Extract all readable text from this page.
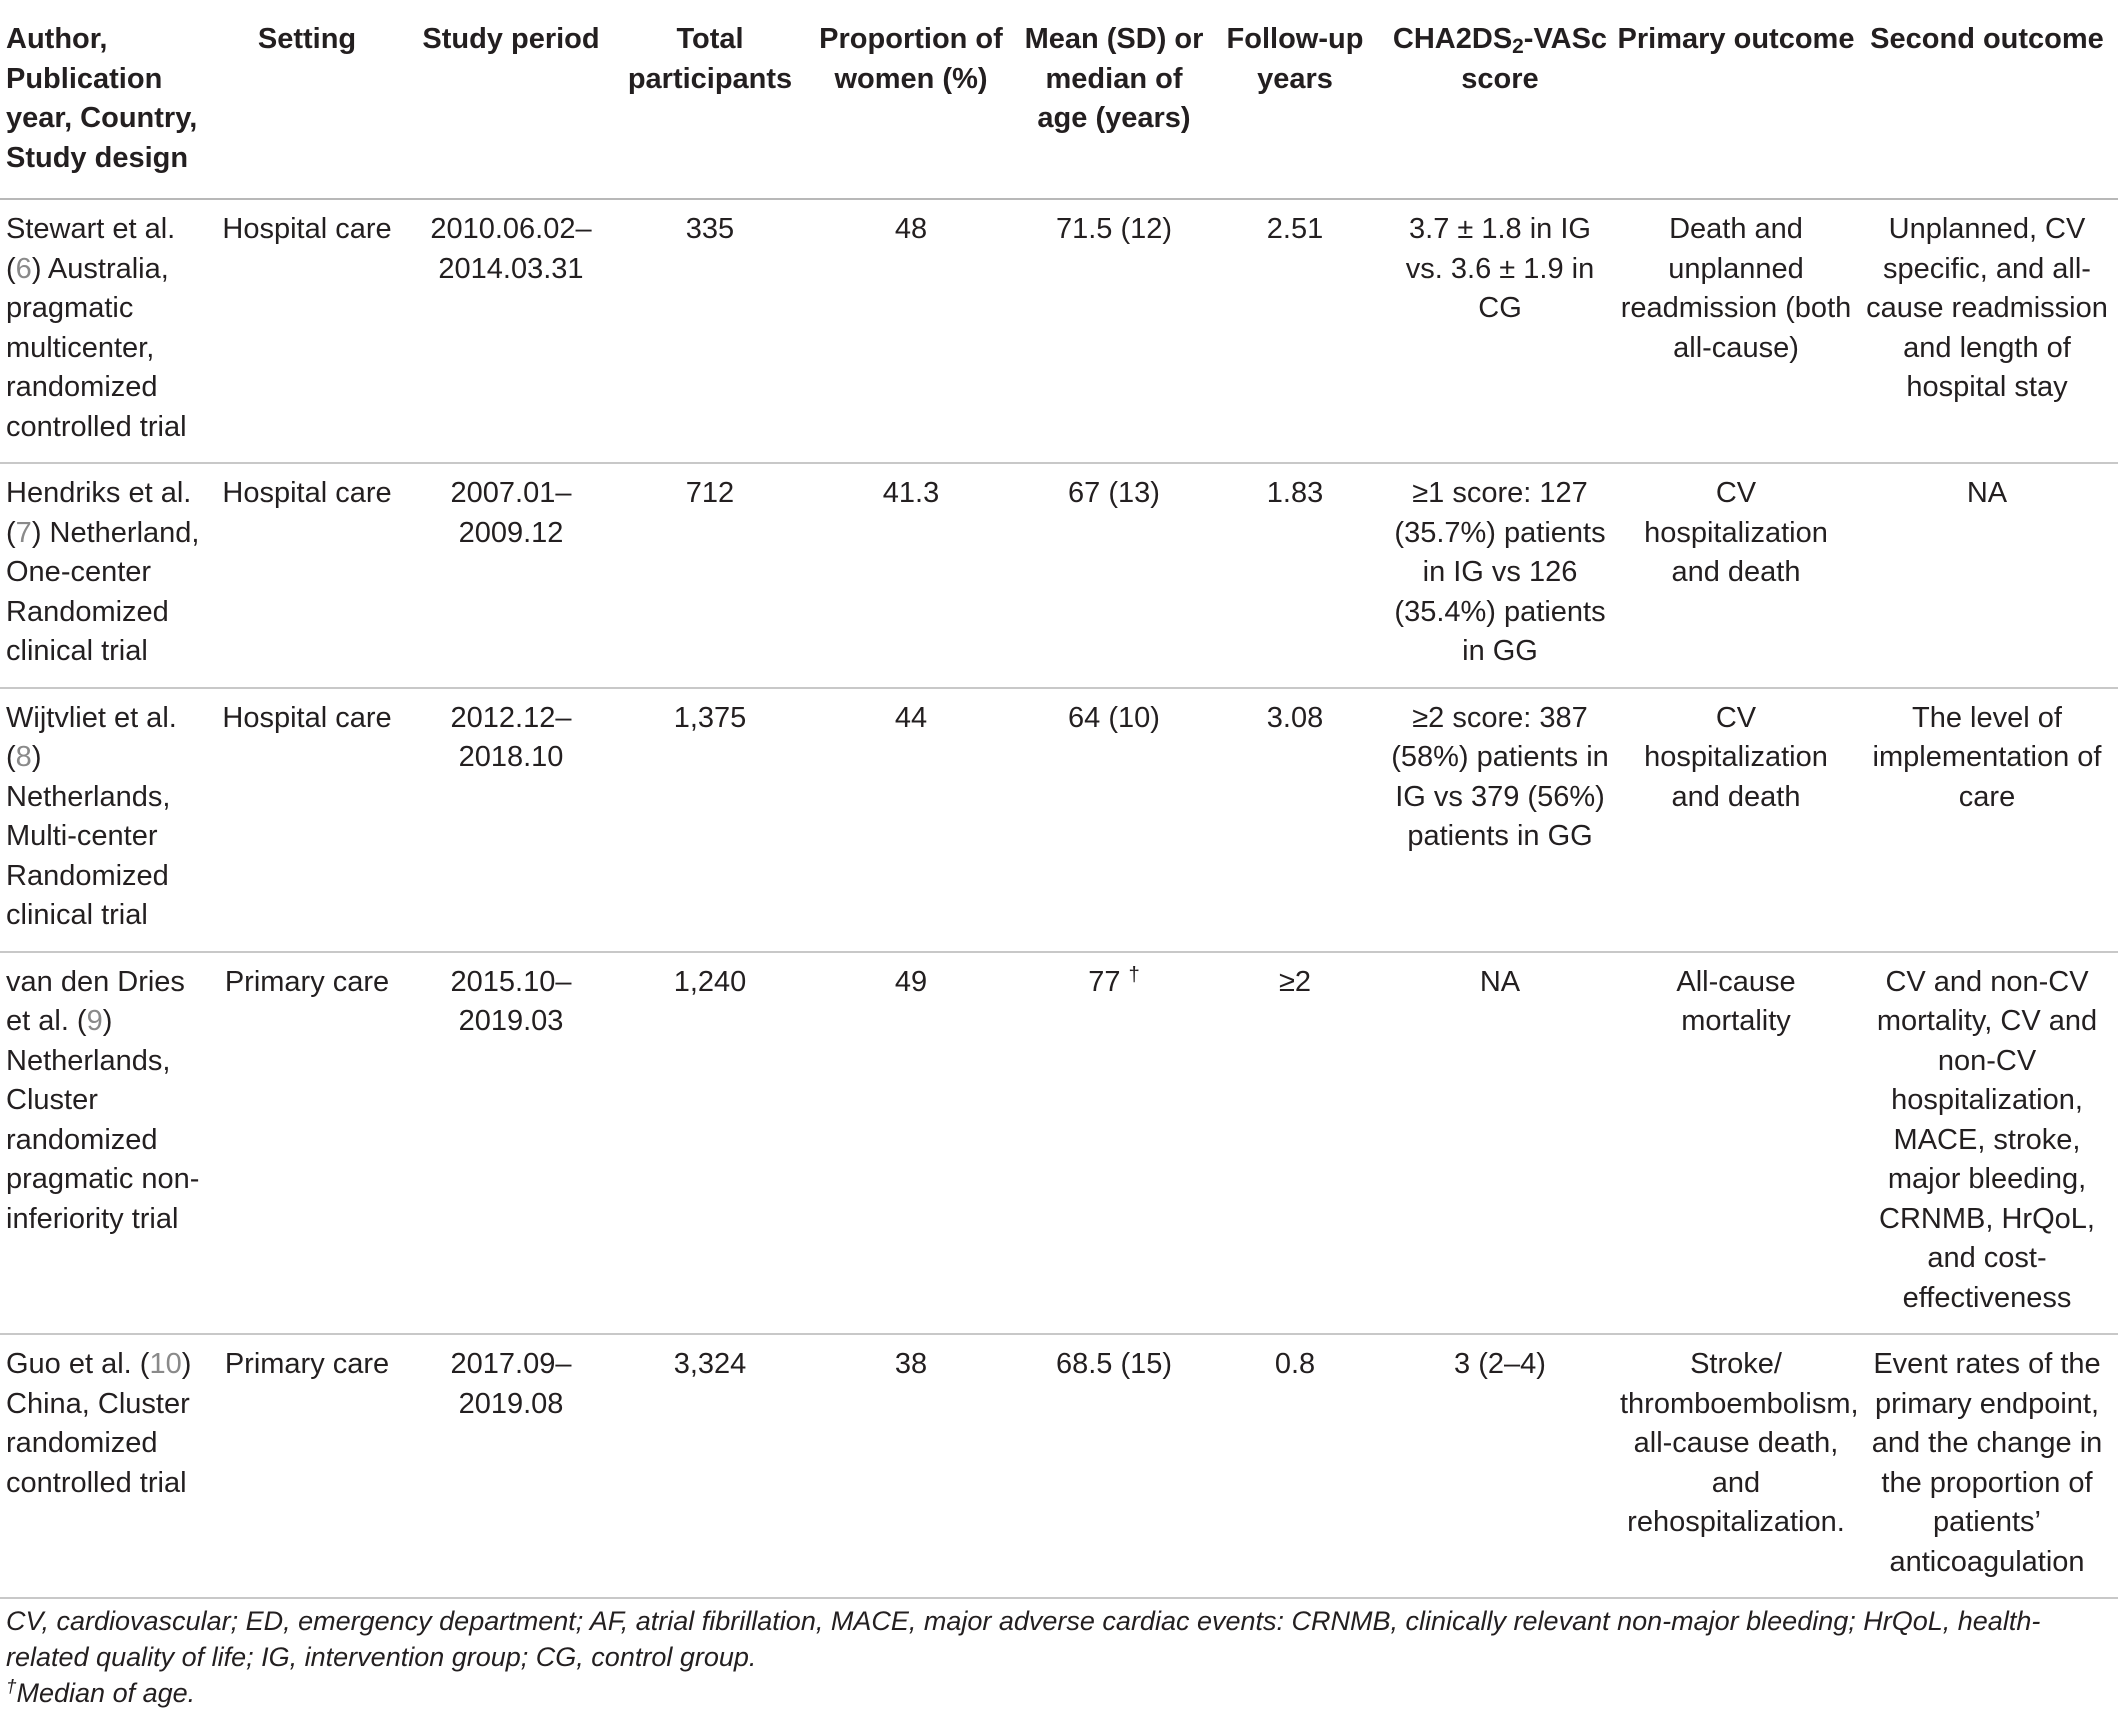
Author, Publication year, Country, Study design	Setting	Study period	Total participants	Proportion of women (%)	Mean (SD) or median of age (years)	Follow-up years	$CHA2DS_2$-VASc score	Primary outcome	Second outcome
Stewart et al. (6) Australia, pragmatic multicenter, randomized controlled trial	Hospital care	2010.06.02–2014.03.31	335	48	71.5 (12)	2.51	3.7 ± 1.8 in IG vs. 3.6 ± 1.9 in CG	Death and unplanned readmission (both all-cause)	Unplanned, CV specific, and all-cause readmission and length of hospital stay
Hendriks et al. (7) Netherland, One-center Randomized clinical trial	Hospital care	2007.01–2009.12	712	41.3	67 (13)	1.83	≥1 score: 127 (35.7%) patients in IG vs 126 (35.4%) patients in GG	CV hospitalization and death	NA
Wijtvliet et al. (8) Netherlands, Multi-center Randomized clinical trial	Hospital care	2012.12–2018.10	1,375	44	64 (10)	3.08	≥2 score: 387 (58%) patients in IG vs 379 (56%) patients in GG	CV hospitalization and death	The level of implementation of care
van den Dries et al. (9) Netherlands, Cluster randomized pragmatic non-inferiority trial	Primary care	2015.10–2019.03	1,240	49	77 †	≥2	NA	All-cause mortality	CV and non-CV mortality, CV and non-CV hospitalization, MACE, stroke, major bleeding, CRNMB, HrQoL, and cost-effectiveness
Guo et al. (10) China, Cluster randomized controlled trial	Primary care	2017.09–2019.08	3,324	38	68.5 (15)	0.8	3 (2–4)	Stroke/ thromboembolism, all-cause death, and rehospitalization.	Event rates of the primary endpoint, and the change in the proportion of patients’ anticoagulation

CV, cardiovascular; ED, emergency department; AF, atrial fibrillation, MACE, major adverse cardiac events: CRNMB, clinically relevant non-major bleeding; HrQoL, health-related quality of life; IG, intervention group; CG, control group.

†Median of age.
